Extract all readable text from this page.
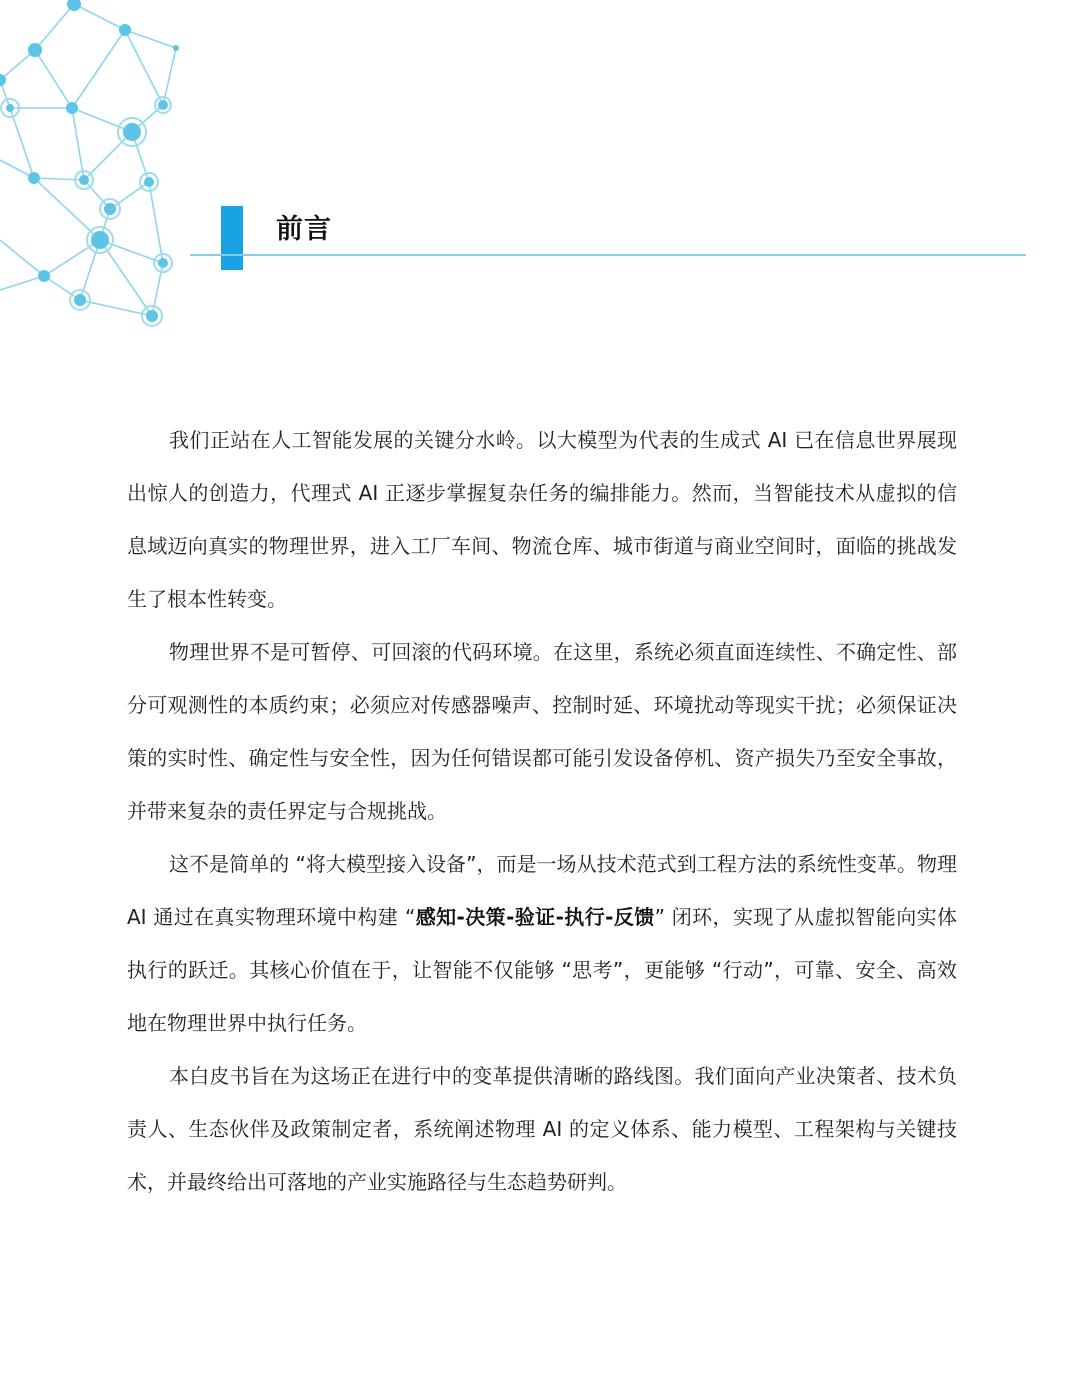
前言

我们正站在人工智能发展的关键分水岭。以大模型为代表的生成式 AI 已在信息世界展现出惊人的创造力，代理式 AI 正逐步掌握复杂任务的编排能力。然而，当智能技术从虚拟的信息域迈向真实的物理世界，进入工厂车间、物流仓库、城市街道与商业空间时，面临的挑战发生了根本性转变。

物理世界不是可暂停、可回滚的代码环境。在这里，系统必须直面连续性、不确定性、部分可观测性的本质约束；必须应对传感器噪声、控制时延、环境扰动等现实干扰；必须保证决策的实时性、确定性与安全性，因为任何错误都可能引发设备停机、资产损失乃至安全事故，并带来复杂的责任界定与合规挑战。

这不是简单的 “将大模型接入设备”，而是一场从技术范式到工程方法的系统性变革。物理 AI 通过在真实物理环境中构建 “感知-决策-验证-执行-反馈” 闭环，实现了从虚拟智能向实体执行的跃迁。其核心价值在于，让智能不仅能够 “思考”，更能够 “行动”，可靠、安全、高效地在物理世界中执行任务。

本白皮书旨在为这场正在进行中的变革提供清晰的路线图。我们面向产业决策者、技术负责人、生态伙伴及政策制定者，系统阐述物理 AI 的定义体系、能力模型、工程架构与关键技术，并最终给出可落地的产业实施路径与生态趋势研判。
